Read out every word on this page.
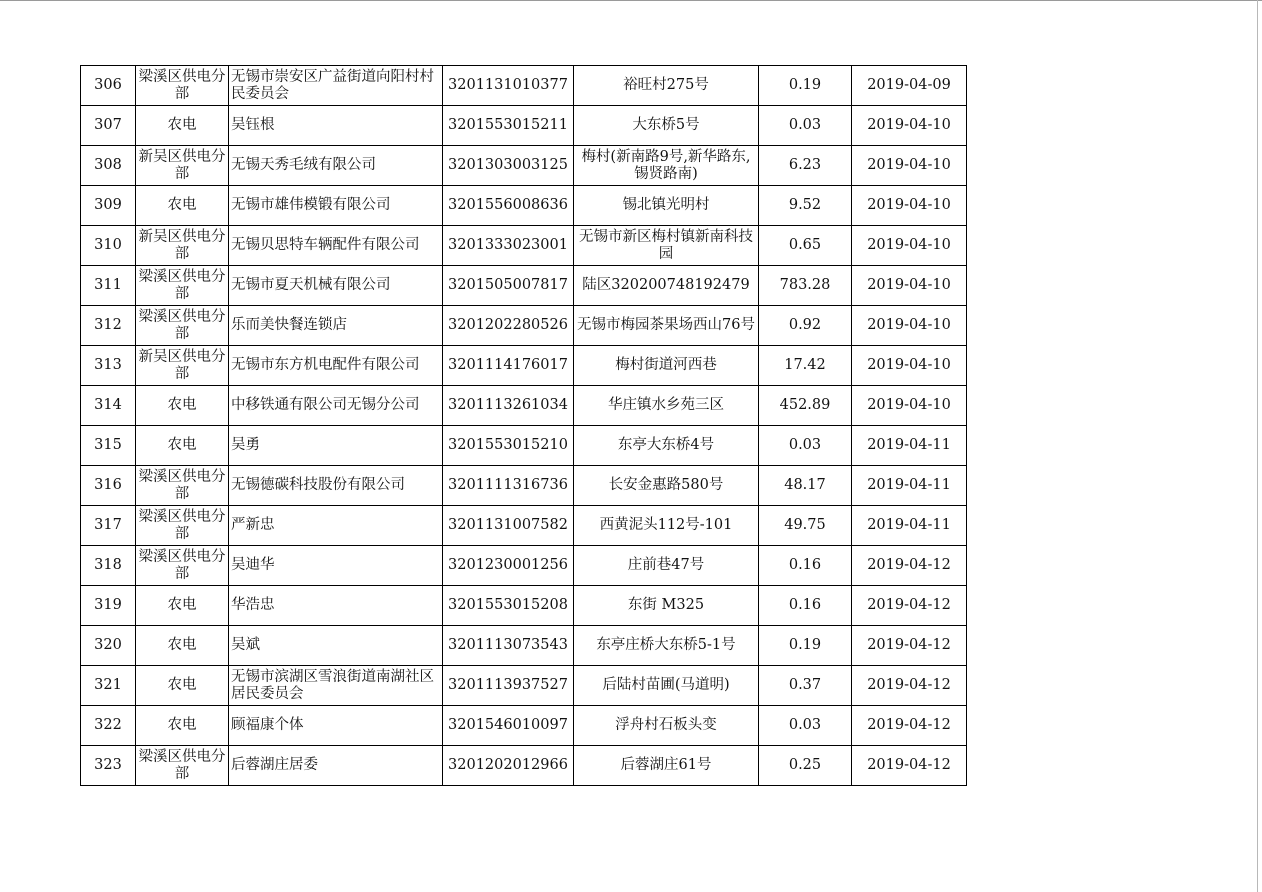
306	梁溪区供电分部	无锡市崇安区广益街道向阳村村民委员会	3201131010377	裕旺村275号	0.19	2019-04-09
307	农电	吴钰根	3201553015211	大东桥5号	0.03	2019-04-10
308	新吴区供电分部	无锡天秀毛绒有限公司	3201303003125	梅村(新南路9号,新华路东,锡贤路南)	6.23	2019-04-10
309	农电	无锡市雄伟模锻有限公司	3201556008636	锡北镇光明村	9.52	2019-04-10
310	新吴区供电分部	无锡贝思特车辆配件有限公司	3201333023001	无锡市新区梅村镇新南科技园	0.65	2019-04-10
311	梁溪区供电分部	无锡市夏天机械有限公司	3201505007817	陆区320200748192479	783.28	2019-04-10
312	梁溪区供电分部	乐而美快餐连锁店	3201202280526	无锡市梅园茶果场西山76号	0.92	2019-04-10
313	新吴区供电分部	无锡市东方机电配件有限公司	3201114176017	梅村街道河西巷	17.42	2019-04-10
314	农电	中移铁通有限公司无锡分公司	3201113261034	华庄镇水乡苑三区	452.89	2019-04-10
315	农电	吴勇	3201553015210	东亭大东桥4号	0.03	2019-04-11
316	梁溪区供电分部	无锡德碳科技股份有限公司	3201111316736	长安金惠路580号	48.17	2019-04-11
317	梁溪区供电分部	严新忠	3201131007582	西黄泥头112号-101	49.75	2019-04-11
318	梁溪区供电分部	吴迪华	3201230001256	庄前巷47号	0.16	2019-04-12
319	农电	华浩忠	3201553015208	东街 M325	0.16	2019-04-12
320	农电	吴斌	3201113073543	东亭庄桥大东桥5-1号	0.19	2019-04-12
321	农电	无锡市滨湖区雪浪街道南湖社区居民委员会	3201113937527	后陆村苗圃(马道明)	0.37	2019-04-12
322	农电	顾福康个体	3201546010097	浮舟村石板头变	0.03	2019-04-12
323	梁溪区供电分部	后蓉湖庄居委	3201202012966	后蓉湖庄61号	0.25	2019-04-12
